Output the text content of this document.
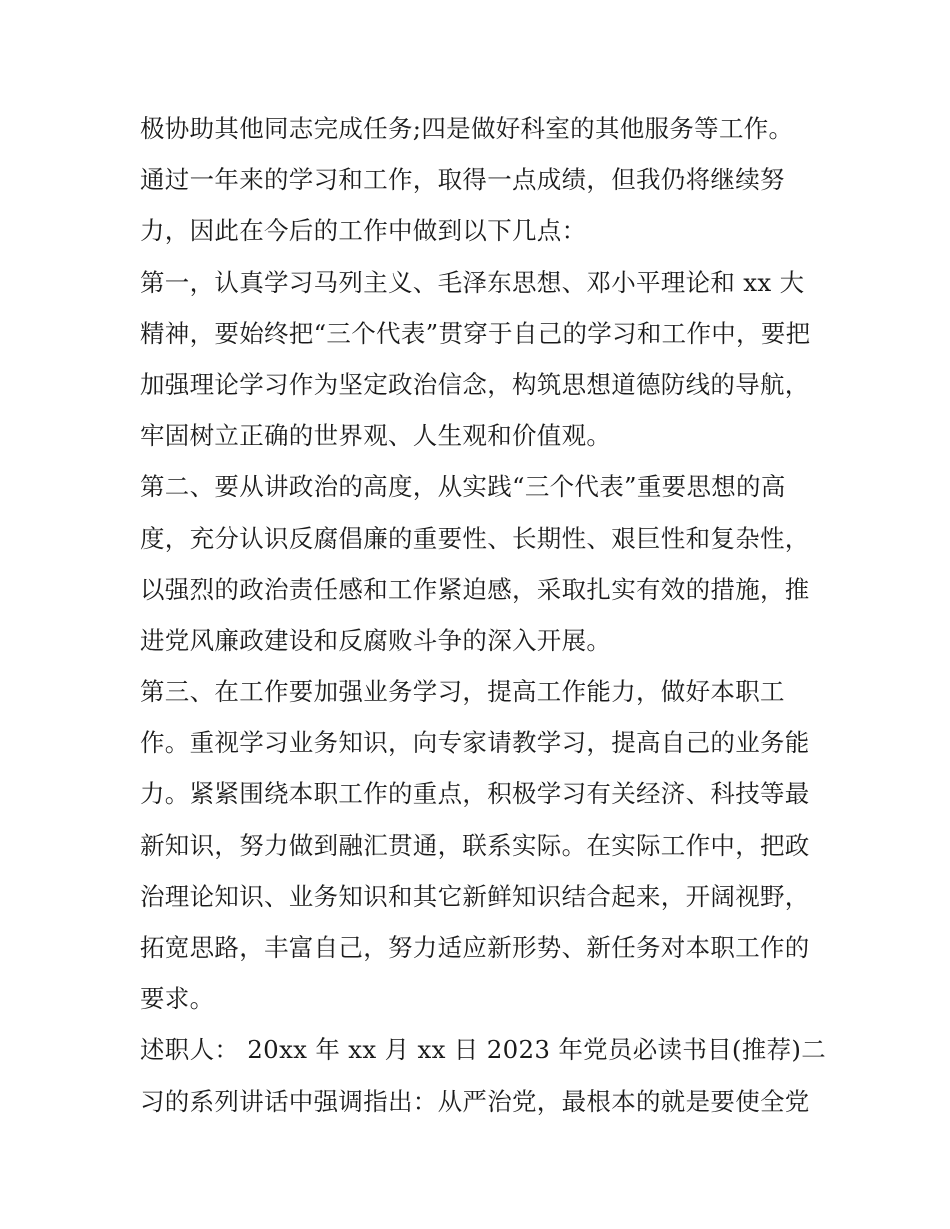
极协助其他同志完成任务;四是做好科室的其他服务等工作。
通过一年来的学习和工作，取得一点成绩，但我仍将继续努
力，因此在今后的工作中做到以下几点：
第一，认真学习马列主义、毛泽东思想、邓小平理论和 xx 大
精神，要始终把“三个代表”贯穿于自己的学习和工作中，要把
加强理论学习作为坚定政治信念，构筑思想道德防线的导航，
牢固树立正确的世界观、人生观和价值观。
第二、要从讲政治的高度，从实践“三个代表”重要思想的高
度，充分认识反腐倡廉的重要性、长期性、艰巨性和复杂性，
以强烈的政治责任感和工作紧迫感，采取扎实有效的措施，推
进党风廉政建设和反腐败斗争的深入开展。
第三、在工作要加强业务学习，提高工作能力，做好本职工
作。重视学习业务知识，向专家请教学习，提高自己的业务能
力。紧紧围绕本职工作的重点，积极学习有关经济、科技等最
新知识，努力做到融汇贯通，联系实际。在实际工作中，把政
治理论知识、业务知识和其它新鲜知识结合起来，开阔视野，
拓宽思路，丰富自己，努力适应新形势、新任务对本职工作的
要求。
述职人： 20xx 年 xx 月 xx 日 2023 年党员必读书目(推荐)二
习的系列讲话中强调指出：从严治党，最根本的就是要使全党
